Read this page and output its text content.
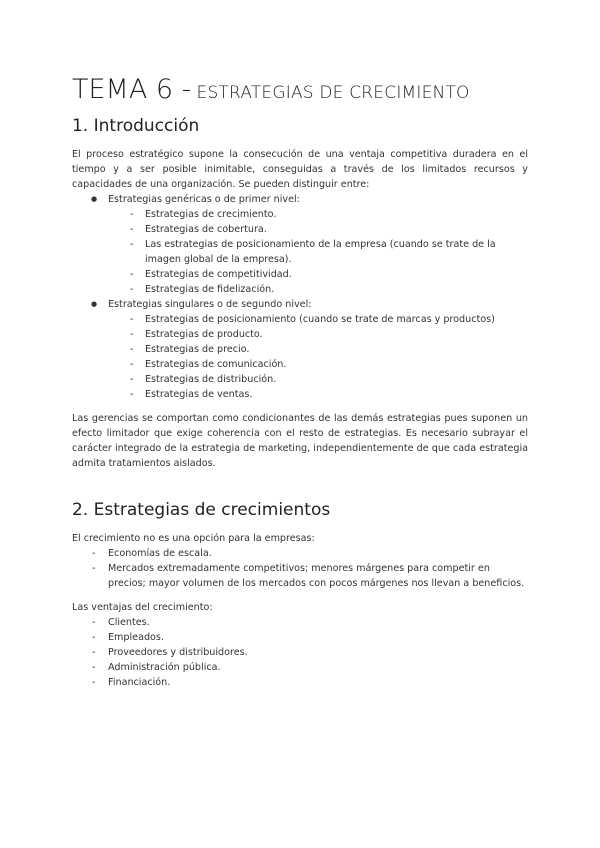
TEMA 6 - ESTRATEGIAS DE CRECIMIENTO
1. Introducción

El proceso estratégico supone la consecución de una ventaja competitiva duradera en el tiempo y a ser posible inimitable, conseguidas a través de los limitados recursos y capacidades de una organización. Se pueden distinguir entre:

● Estrategias genéricas o de primer nivel:
- Estrategias de crecimiento.
- Estrategias de cobertura.
- Las estrategias de posicionamiento de la empresa (cuando se trate de la imagen global de la empresa).
- Estrategias de competitividad.
- Estrategias de fidelización.
● Estrategias singulares o de segundo nivel:
- Estrategias de posicionamiento (cuando se trate de marcas y productos)
- Estrategias de producto.
- Estrategias de precio.
- Estrategias de comunicación.
- Estrategias de distribución.
- Estrategias de ventas.

Las gerencias se comportan como condicionantes de las demás estrategias pues suponen un efecto limitador que exige coherencia con el resto de estrategias. Es necesario subrayar el carácter integrado de la estrategia de marketing, independientemente de que cada estrategia admita tratamientos aislados.

2. Estrategias de crecimientos

El crecimiento no es una opción para la empresas:

- Economías de escala.
- Mercados extremadamente competitivos; menores márgenes para competir en precios; mayor volumen de los mercados con pocos márgenes nos llevan a beneficios.

Las ventajas del crecimiento:

- Clientes.
- Empleados.
- Proveedores y distribuidores.
- Administración pública.
- Financiación.
